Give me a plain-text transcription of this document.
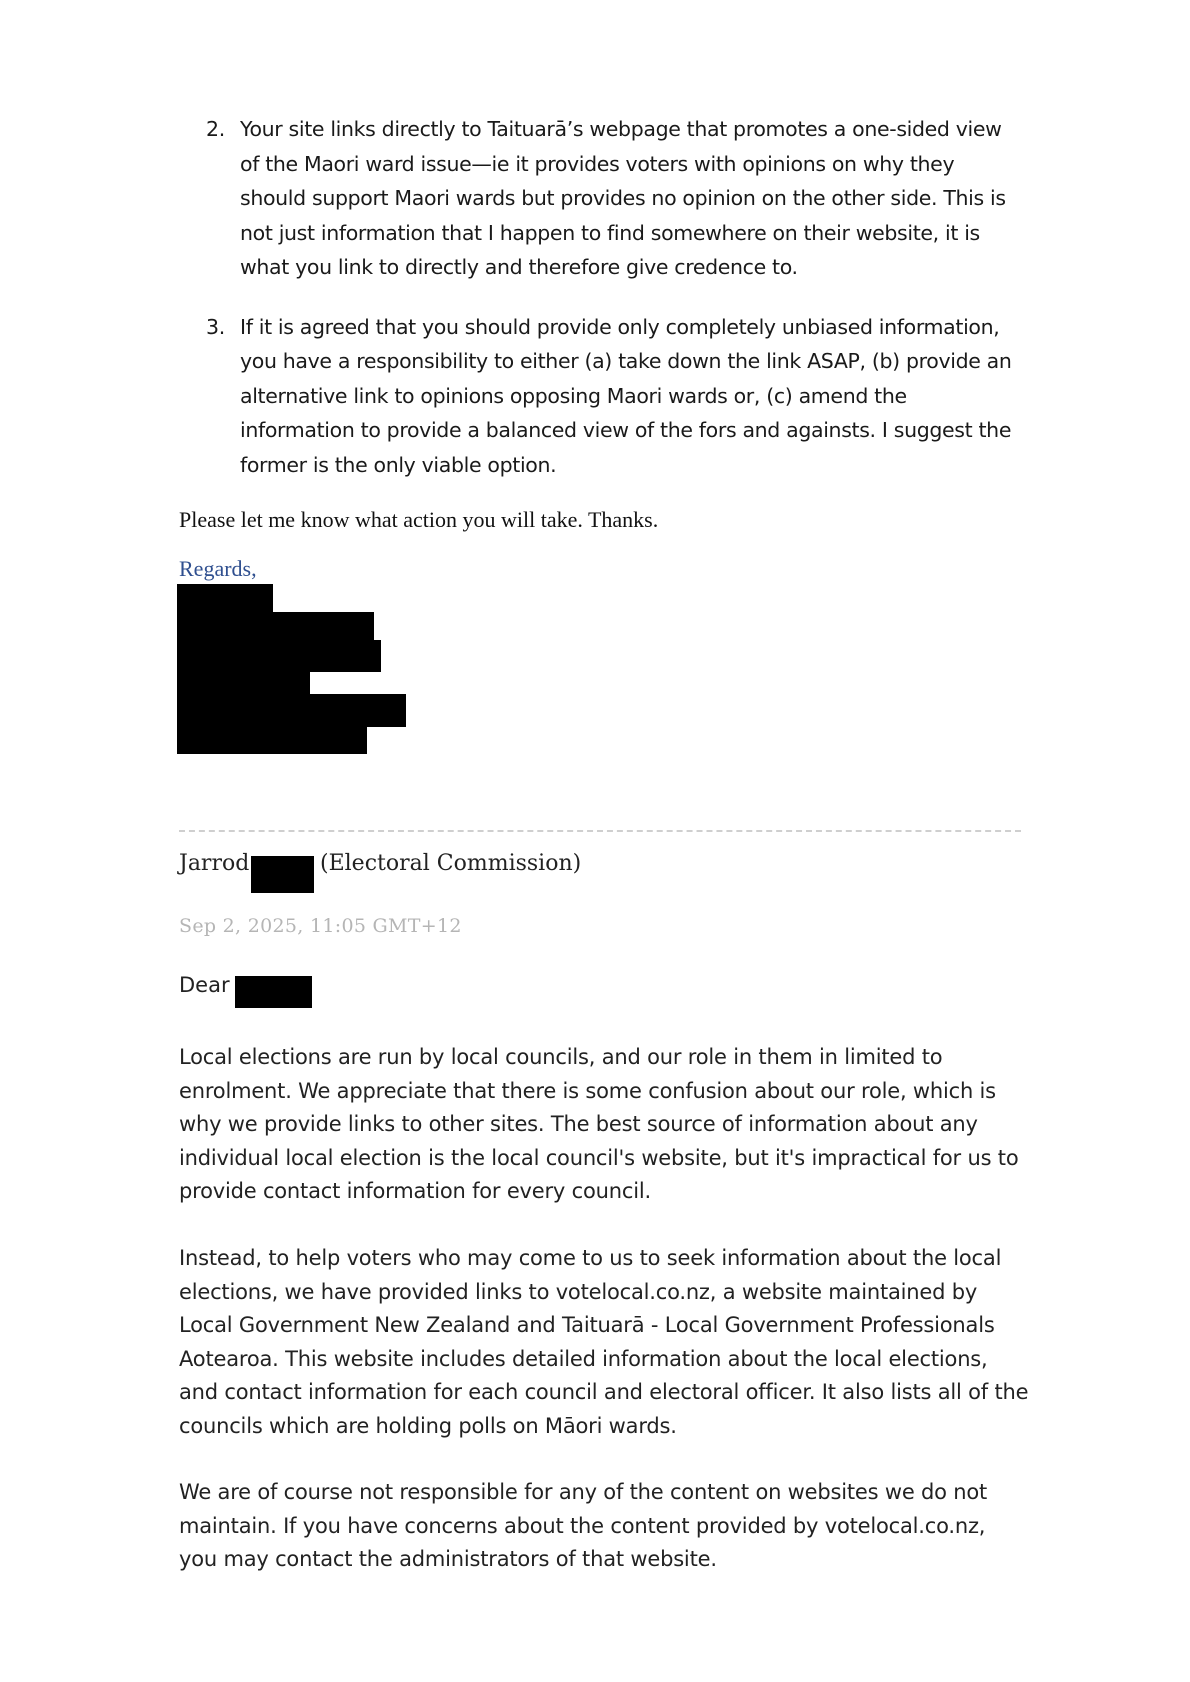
2. Your site links directly to Taituarā’s webpage that promotes a one-sided view of the Maori ward issue—ie it provides voters with opinions on why they should support Maori wards but provides no opinion on the other side. This is not just information that I happen to find somewhere on their website, it is what you link to directly and therefore give credence to.
3. If it is agreed that you should provide only completely unbiased information, you have a responsibility to either (a) take down the link ASAP, (b) provide an alternative link to opinions opposing Maori wards or, (c) amend the information to provide a balanced view of the fors and againsts. I suggest the former is the only viable option.
Please let me know what action you will take. Thanks.
Regards,
Jarrod	(Electoral Commission)
Sep 2, 2025, 11:05 GMT+12
Dear

Local elections are run by local councils, and our role in them in limited to enrolment. We appreciate that there is some confusion about our role, which is why we provide links to other sites. The best source of information about any individual local election is the local council's website, but it's impractical for us to provide contact information for every council.

Instead, to help voters who may come to us to seek information about the local elections, we have provided links to votelocal.co.nz, a website maintained by Local Government New Zealand and Taituarā - Local Government Professionals Aotearoa. This website includes detailed information about the local elections, and contact information for each council and electoral officer. It also lists all of the councils which are holding polls on Māori wards.

We are of course not responsible for any of the content on websites we do not maintain. If you have concerns about the content provided by votelocal.co.nz, you may contact the administrators of that website.
